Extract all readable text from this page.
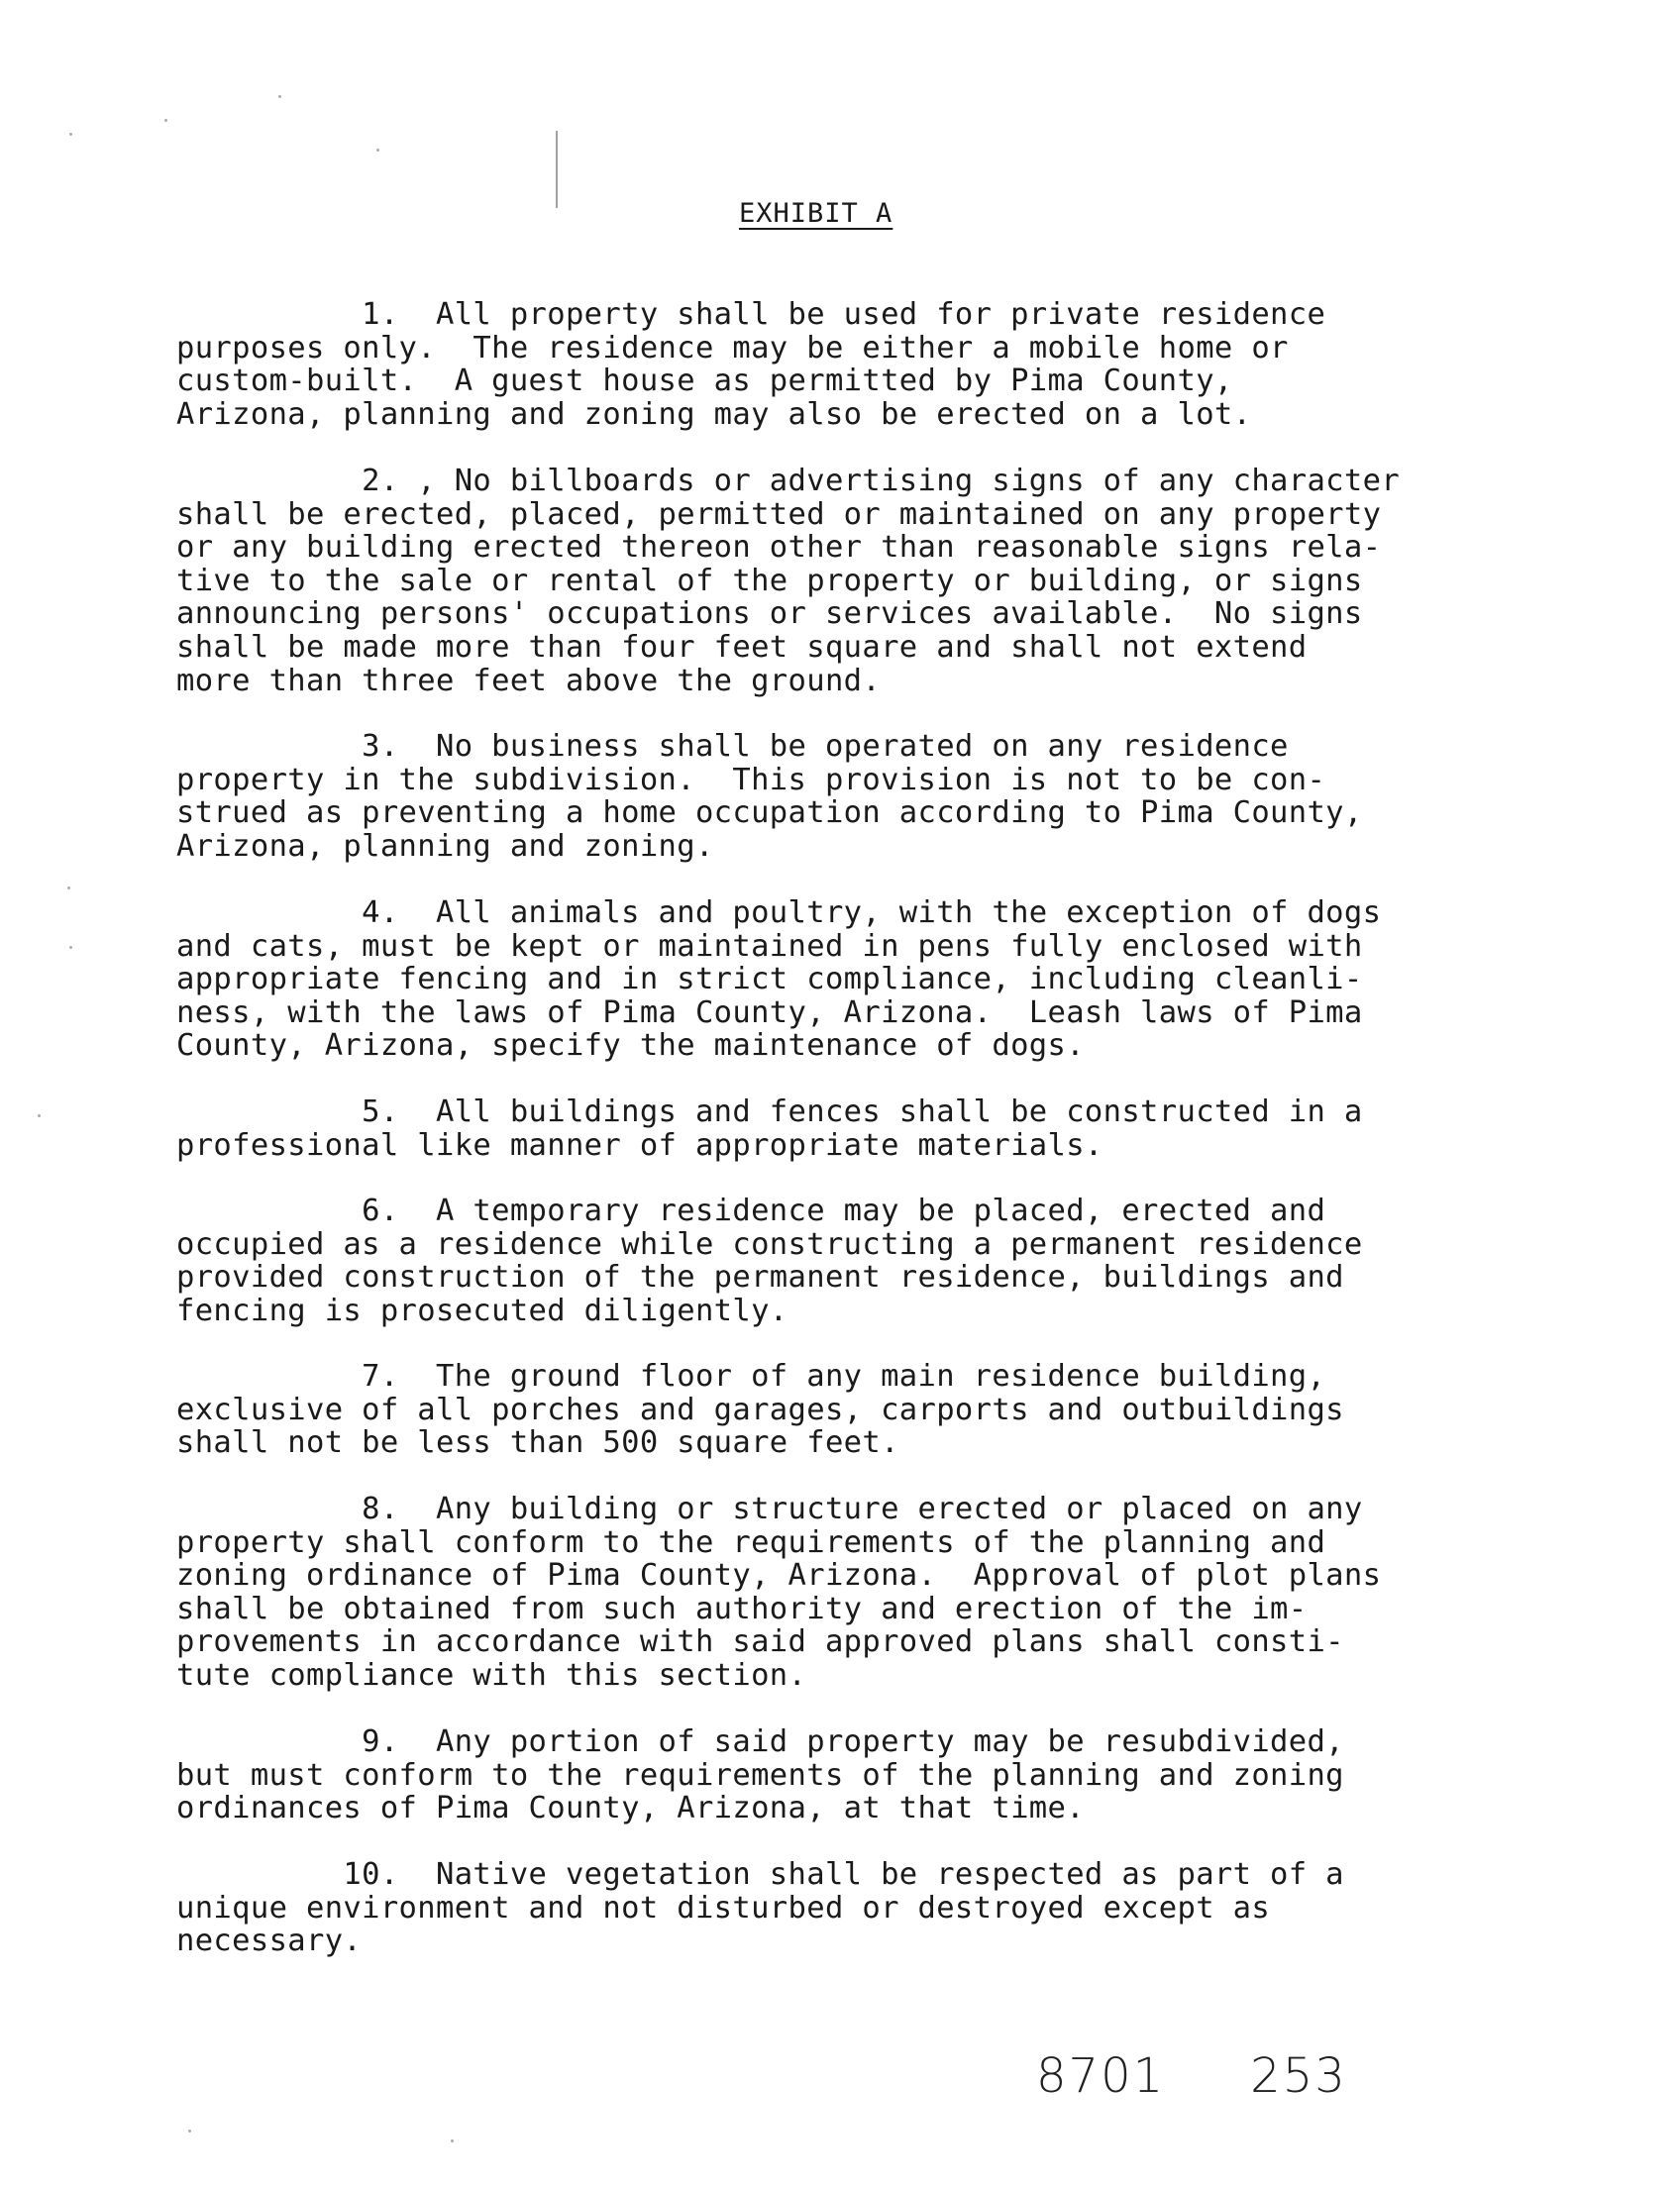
EXHIBIT A
1.  All property shall be used for private residence
purposes only.  The residence may be either a mobile home or
custom-built.  A guest house as permitted by Pima County,
Arizona, planning and zoning may also be erected on a lot.
2. , No billboards or advertising signs of any character
shall be erected, placed, permitted or maintained on any property
or any building erected thereon other than reasonable signs rela-
tive to the sale or rental of the property or building, or signs
announcing persons' occupations or services available.  No signs
shall be made more than four feet square and shall not extend
more than three feet above the ground.
3.  No business shall be operated on any residence
property in the subdivision.  This provision is not to be con-
strued as preventing a home occupation according to Pima County,
Arizona, planning and zoning.
4.  All animals and poultry, with the exception of dogs
and cats, must be kept or maintained in pens fully enclosed with
appropriate fencing and in strict compliance, including cleanli-
ness, with the laws of Pima County, Arizona.  Leash laws of Pima
County, Arizona, specify the maintenance of dogs.
5.  All buildings and fences shall be constructed in a
professional like manner of appropriate materials.
6.  A temporary residence may be placed, erected and
occupied as a residence while constructing a permanent residence
provided construction of the permanent residence, buildings and
fencing is prosecuted diligently.
7.  The ground floor of any main residence building,
exclusive of all porches and garages, carports and outbuildings
shall not be less than 500 square feet.
8.  Any building or structure erected or placed on any
property shall conform to the requirements of the planning and
zoning ordinance of Pima County, Arizona.  Approval of plot plans
shall be obtained from such authority and erection of the im-
provements in accordance with said approved plans shall consti-
tute compliance with this section.
9.  Any portion of said property may be resubdivided,
but must conform to the requirements of the planning and zoning
ordinances of Pima County, Arizona, at that time.
10.  Native vegetation shall be respected as part of a
unique environment and not disturbed or destroyed except as
necessary.
8701 253
